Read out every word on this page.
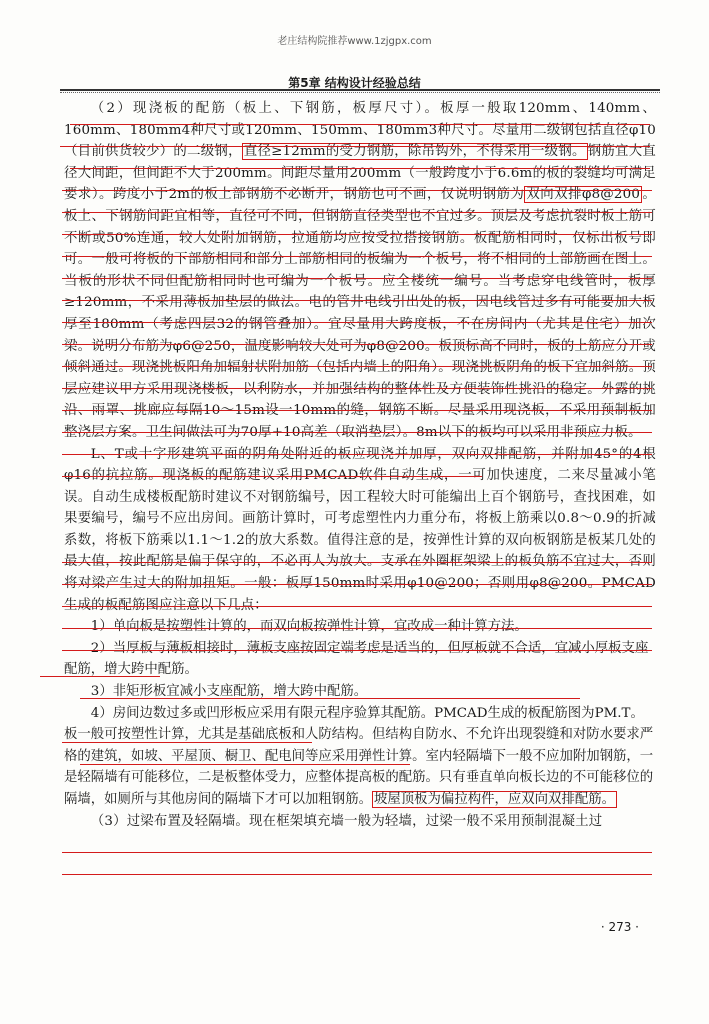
老庄结构院推荐www.1zjgpx.com
第5章 结构设计经验总结

（2）现浇板的配筋（板上、下钢筋，板厚尺寸）。板厚一般取120mm、140mm、160mm、180mm4种尺寸或120mm、150mm、180mm3种尺寸。尽量用二级钢包括直径φ10（目前供货较少）的二级钢， 直径≥12mm的受力钢筋，除吊钩外，不得采用一级钢。 钢筋宜大直径大间距，但间距不大于200mm。间距尽量用200mm（一般跨度小于6.6m的板的裂缝均可满足要求）。跨度小于2m的板上部钢筋不必断开，钢筋也可不画，仅说明钢筋为 双向双排φ8@200 。板上、下钢筋间距宜相等，直径可不同，但钢筋直径类型也不宜过多。顶层及考虑抗裂时板上筋可不断或50%连通，较大处附加钢筋，拉通筋均应按受拉搭接钢筋。板配筋相同时，仅标出板号即可。一般可将板的下部筋相同和部分上部筋相同的板编为一个板号，将不相同的上部筋画在图上。当板的形状不同但配筋相同时也可编为一个板号。应全楼统一编号。当考虑穿电线管时，板厚≥120mm，不采用薄板加垫层的做法。电的管井电线引出处的板，因电线管过多有可能要加大板厚至180mm（考虑四层32的钢管叠加）。宜尽量用大跨度板，不在房间内（尤其是住宅）加次梁。说明分布筋为φ6@250，温度影响较大处可为φ8@200。板顶标高不同时，板的上筋应分开或倾斜通过。现浇挑板阳角加辐射状附加筋（包括内墙上的阳角）。现浇挑板阴角的板下宜加斜筋。顶层应建议甲方采用现浇楼板，以利防水，并加强结构的整体性及方便装饰性挑沿的稳定。外露的挑沿、雨罩、挑廊应每隔10～15m设一10mm的缝，钢筋不断。尽量采用现浇板，不采用预制板加整浇层方案。卫生间做法可为70厚+10高差（取消垫层）。8m以下的板均可以采用非预应力板。

L、T或十字形建筑平面的阴角处附近的板应现浇并加厚，双向双排配筋，并附加45°的4根φ16的抗拉筋。现浇板的配筋建议采用PMCAD软件自动生成，一可加快速度，二来尽量减小笔误。自动生成楼板配筋时建议不对钢筋编号，因工程较大时可能编出上百个钢筋号，查找困难，如果要编号，编号不应出房间。画筋计算时，可考虑塑性内力重分布，将板上筋乘以0.8～0.9的折减系数，将板下筋乘以1.1～1.2的放大系数。值得注意的是，按弹性计算的双向板钢筋是板某几处的最大值，按此配筋是偏于保守的，不必再人为放大。支承在外圈框架梁上的板负筋不宜过大，否则将对梁产生过大的附加扭矩。一般：板厚150mm时采用φ10@200；否则用φ8@200。PMCAD生成的板配筋图应注意以下几点：

1）单向板是按塑性计算的，而双向板按弹性计算，宜改成一种计算方法。

2）当厚板与薄板相接时，薄板支座按固定端考虑是适当的，但厚板就不合适，宜减小厚板支座配筋，增大跨中配筋。

3）非矩形板宜减小支座配筋，增大跨中配筋。

4）房间边数过多或凹形板应采用有限元程序验算其配筋。PMCAD生成的板配筋图为PM.T。板一般可按塑性计算，尤其是基础底板和人防结构。但结构自防水、不允许出现裂缝和对防水要求严格的建筑，如坡、平屋顶、橱卫、配电间等应采用弹性计算。室内轻隔墙下一般不应加附加钢筋，一是轻隔墙有可能移位，二是板整体受力，应整体提高板的配筋。只有垂直单向板长边的不可能移位的隔墙，如厕所与其他房间的隔墙下才可以加粗钢筋。 坡屋顶板为偏拉构件，应双向双排配筋。

（3）过梁布置及轻隔墙。现在框架填充墙一般为轻墙，过梁一般不采用预制混凝土过

· 273 ·
